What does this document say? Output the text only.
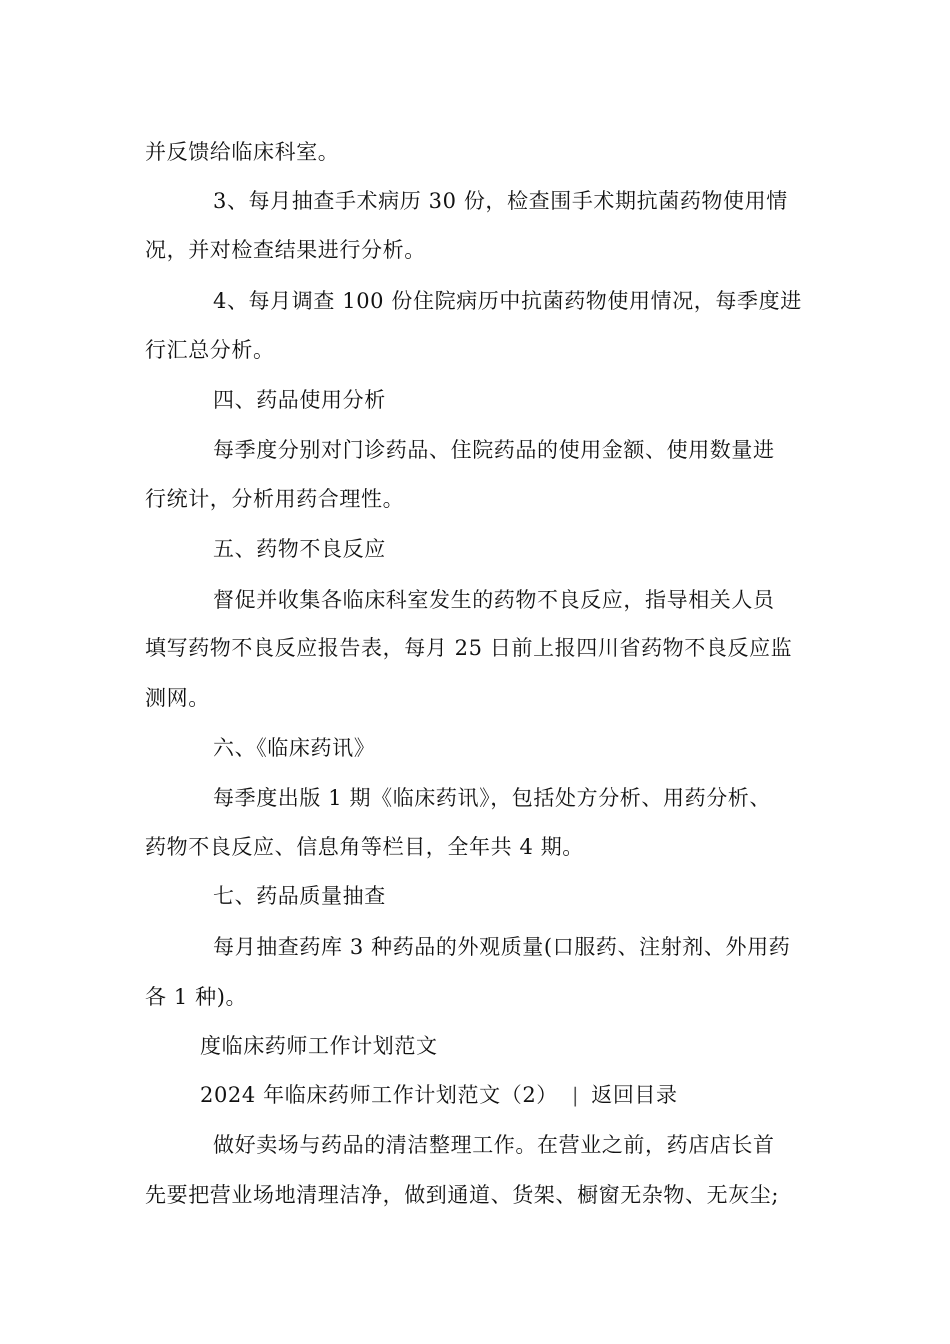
并反馈给临床科室。
3、每月抽查手术病历 30 份，检查围手术期抗菌药物使用情
况，并对检查结果进行分析。
4、每月调查 100 份住院病历中抗菌药物使用情况，每季度进
行汇总分析。
四、药品使用分析
每季度分别对门诊药品、住院药品的使用金额、使用数量进
行统计，分析用药合理性。
五、药物不良反应
督促并收集各临床科室发生的药物不良反应，指导相关人员
填写药物不良反应报告表，每月 25 日前上报四川省药物不良反应监
测网。
六、《临床药讯》
每季度出版 1 期《临床药讯》，包括处方分析、用药分析、
药物不良反应、信息角等栏目，全年共 4 期。
七、药品质量抽查
每月抽查药库 3 种药品的外观质量(口服药、注射剂、外用药
各 1 种)。
度临床药师工作计划范文
2024 年临床药师工作计划范文（2） | 返回目录
做好卖场与药品的清洁整理工作。在营业之前，药店店长首
先要把营业场地清理洁净，做到通道、货架、橱窗无杂物、无灰尘;
